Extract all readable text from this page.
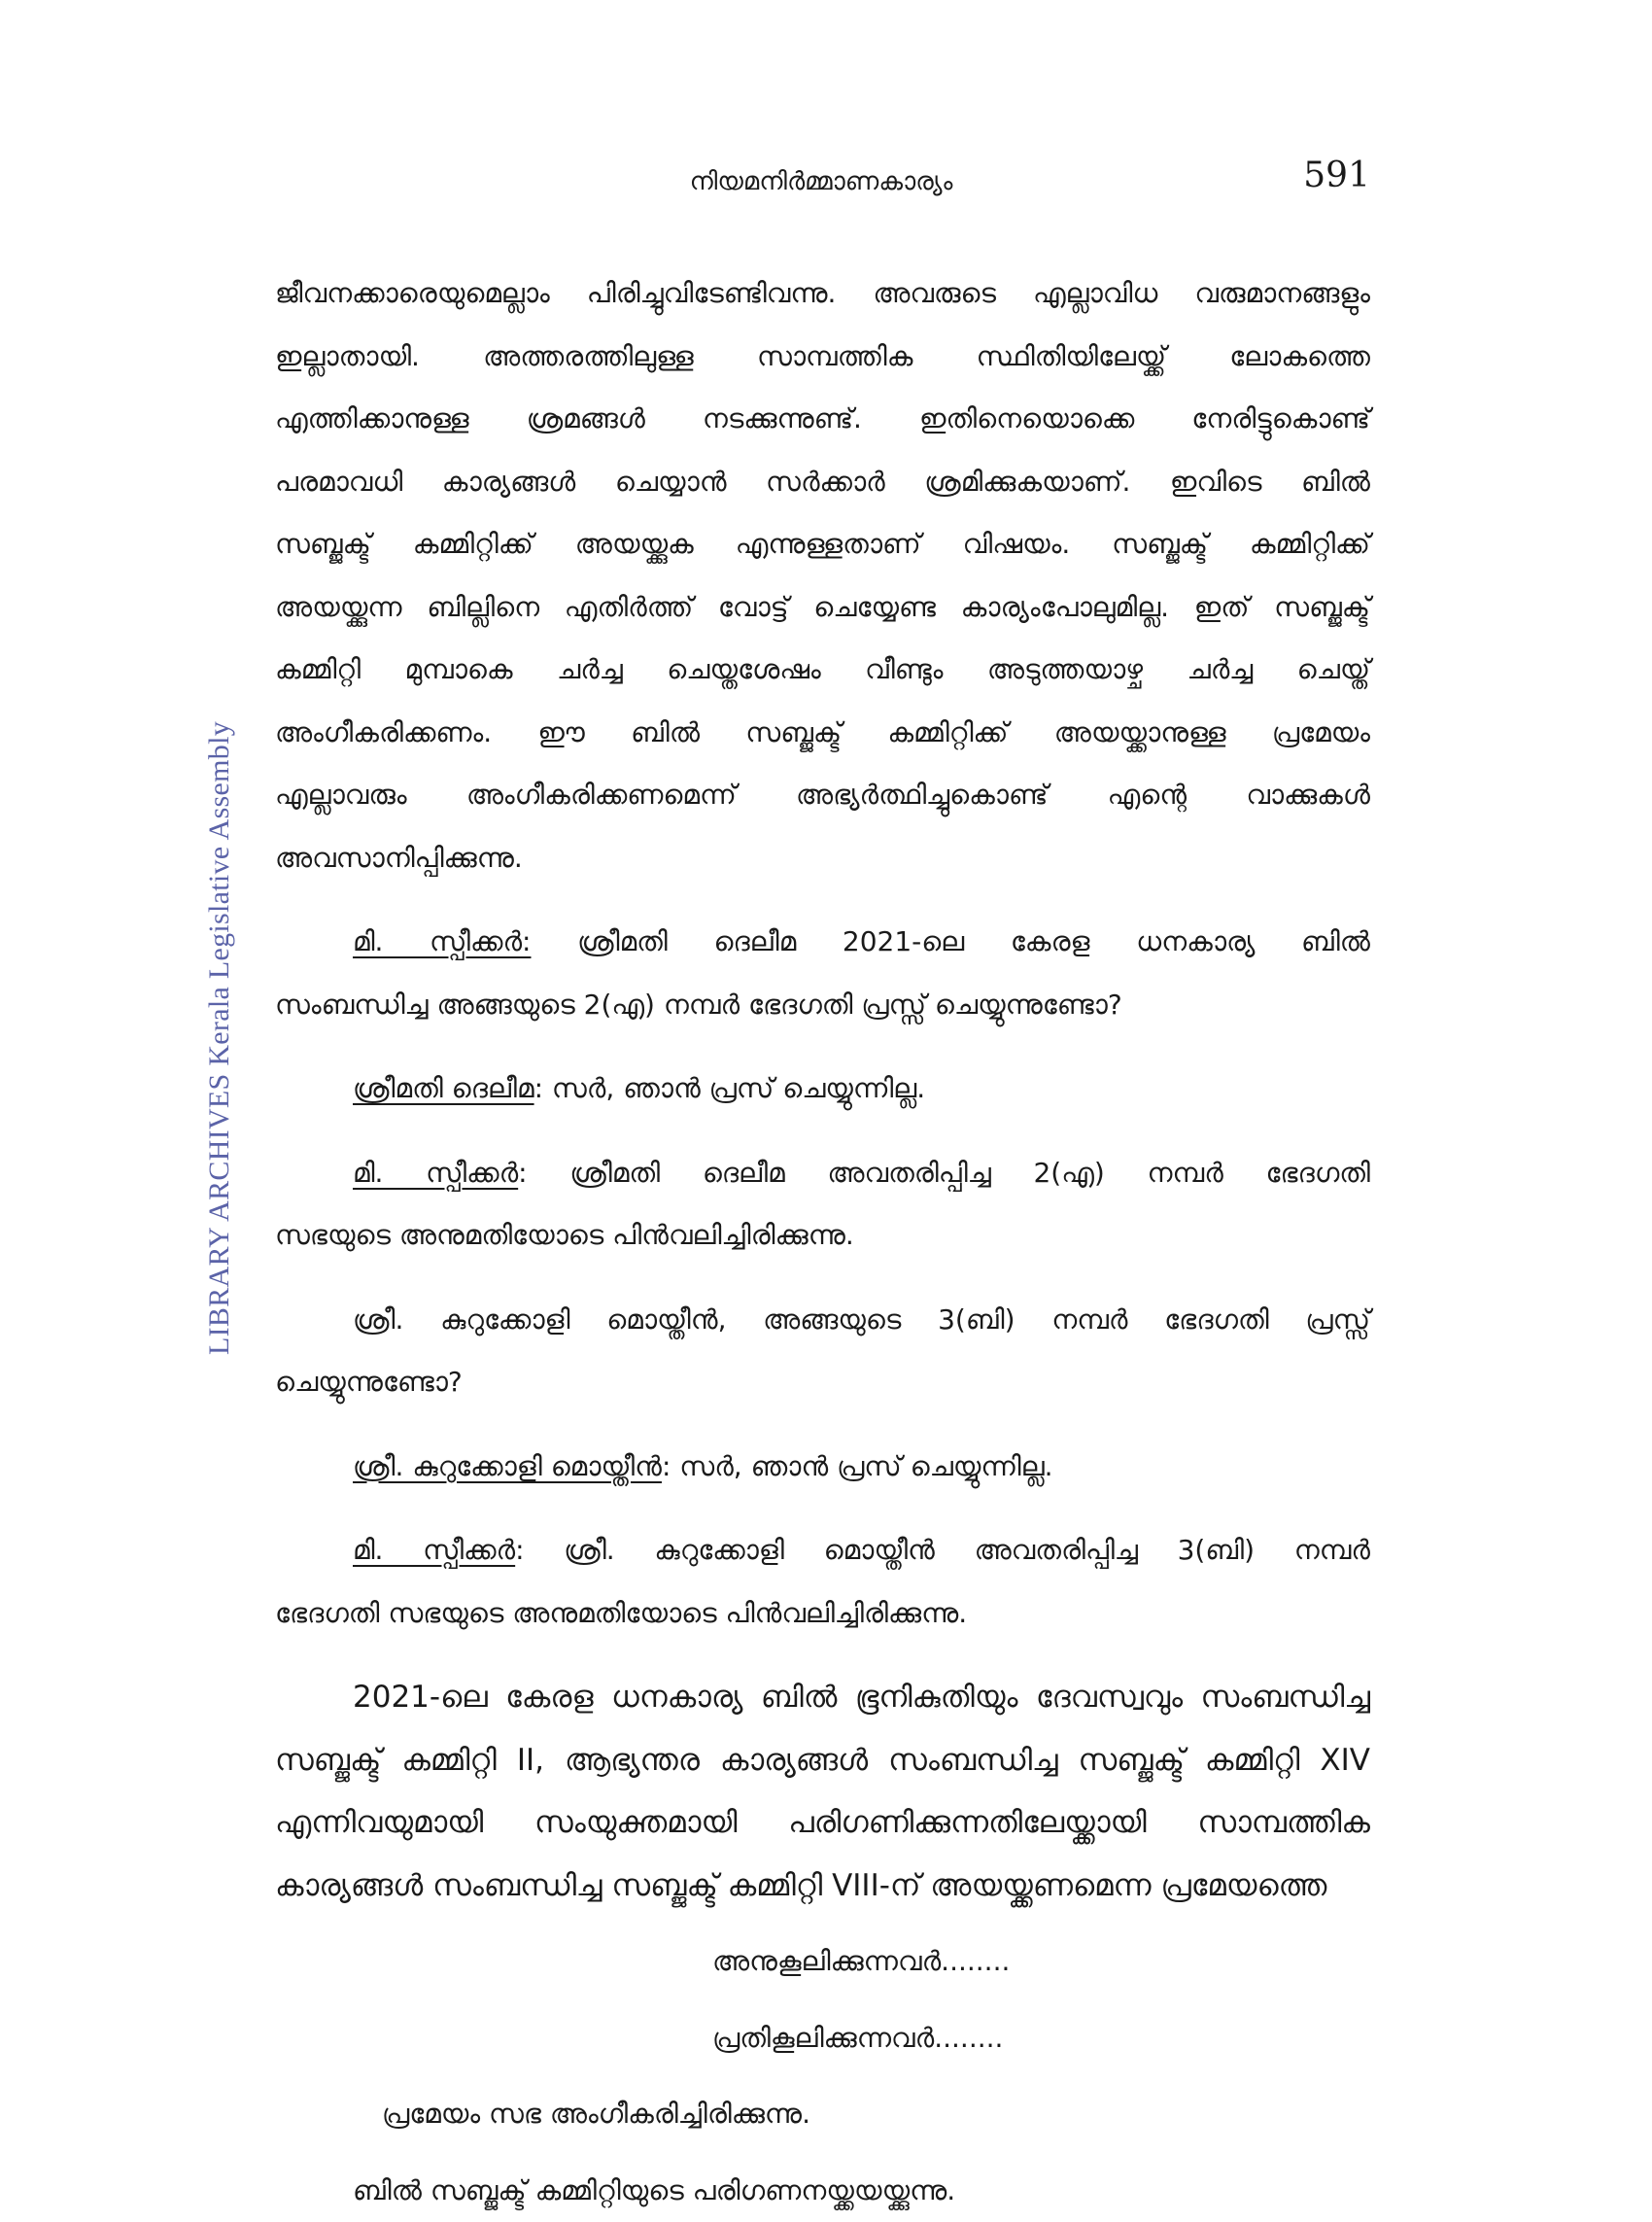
നിയമനിർമ്മാണകാര്യം	591
LIBRARY ARCHIVES Kerala Legislative Assembly

ജീവനക്കാരെയുമെല്ലാം പിരിച്ചുവിടേണ്ടിവന്നു. അവരുടെ എല്ലാവിധ വരുമാനങ്ങളും
ഇല്ലാതായി. അത്തരത്തിലുള്ള സാമ്പത്തിക സ്ഥിതിയിലേയ്ക്ക് ലോകത്തെ
എത്തിക്കാനുള്ള ശ്രമങ്ങൾ നടക്കുന്നുണ്ട്. ഇതിനെയൊക്കെ നേരിട്ടുകൊണ്ട്
പരമാവധി കാര്യങ്ങൾ ചെയ്യാൻ സർക്കാർ ശ്രമിക്കുകയാണ്. ഇവിടെ ബിൽ
സബ്ജക്ട് കമ്മിറ്റിക്ക് അയയ്ക്കുക എന്നുള്ളതാണ് വിഷയം. സബ്ജക്ട് കമ്മിറ്റിക്ക്
അയയ്ക്കുന്ന ബില്ലിനെ എതിർത്ത് വോട്ട് ചെയ്യേണ്ട കാര്യംപോലുമില്ല. ഇത് സബ്ജക്ട്
കമ്മിറ്റി മുമ്പാകെ ചർച്ച ചെയ്തശേഷം വീണ്ടും അടുത്തയാഴ്ച ചർച്ച ചെയ്ത്
അംഗീകരിക്കണം. ഈ ബിൽ സബ്ജക്ട് കമ്മിറ്റിക്ക് അയയ്ക്കാനുള്ള പ്രമേയം
എല്ലാവരും അംഗീകരിക്കണമെന്ന് അഭ്യർത്ഥിച്ചുകൊണ്ട് എന്റെ വാക്കുകൾ
അവസാനിപ്പിക്കുന്നു.

മി. സ്പീക്കർ: ശ്രീമതി ദെലീമ 2021-ലെ കേരള ധനകാര്യ ബിൽ
സംബന്ധിച്ച അങ്ങയുടെ 2(എ) നമ്പർ ഭേദഗതി പ്രസ്സ് ചെയ്യുന്നുണ്ടോ?

ശ്രീമതി ദെലീമ: സർ, ഞാൻ പ്രസ് ചെയ്യുന്നില്ല.

മി. സ്പീക്കർ: ശ്രീമതി ദെലീമ അവതരിപ്പിച്ച 2(എ) നമ്പർ ഭേദഗതി
സഭയുടെ അനുമതിയോടെ പിൻവലിച്ചിരിക്കുന്നു.

ശ്രീ. കുറുക്കോളി മൊയ്തീൻ, അങ്ങയുടെ 3(ബി) നമ്പർ ഭേദഗതി പ്രസ്സ്
ചെയ്യുന്നുണ്ടോ?

ശ്രീ. കുറുക്കോളി മൊയ്തീൻ: സർ, ഞാൻ പ്രസ് ചെയ്യുന്നില്ല.

മി. സ്പീക്കർ: ശ്രീ. കുറുക്കോളി മൊയ്തീൻ അവതരിപ്പിച്ച 3(ബി) നമ്പർ
ഭേദഗതി സഭയുടെ അനുമതിയോടെ പിൻവലിച്ചിരിക്കുന്നു.

2021-ലെ കേരള ധനകാര്യ ബിൽ ഭൂനികുതിയും ദേവസ്വവും സംബന്ധിച്ച
സബ്ജക്ട് കമ്മിറ്റി II, ആഭ്യന്തര കാര്യങ്ങൾ സംബന്ധിച്ച സബ്ജക്ട് കമ്മിറ്റി XIV
എന്നിവയുമായി സംയുക്തമായി പരിഗണിക്കുന്നതിലേയ്ക്കായി സാമ്പത്തിക
കാര്യങ്ങൾ സംബന്ധിച്ച സബ്ജക്ട് കമ്മിറ്റി VIII-ന് അയയ്ക്കണമെന്ന പ്രമേയത്തെ

അനുകൂലിക്കുന്നവർ........
പ്രതികൂലിക്കുന്നവർ........
പ്രമേയം സഭ അംഗീകരിച്ചിരിക്കുന്നു.
ബിൽ സബ്ജക്ട് കമ്മിറ്റിയുടെ പരിഗണനയ്ക്കയയ്ക്കുന്നു.
